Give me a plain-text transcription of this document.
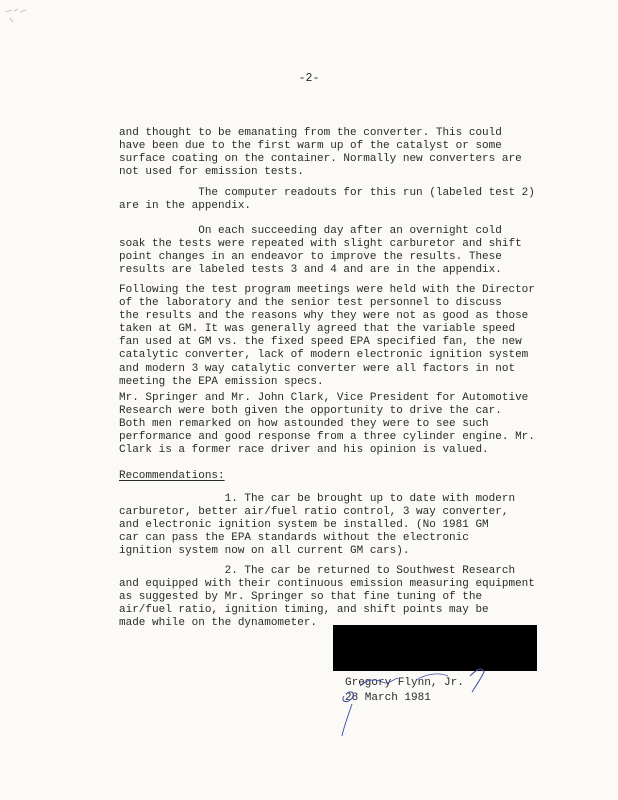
-2-
and thought to be emanating from the converter. This could
have been due to the first warm up of the catalyst or some
surface coating on the container. Normally new converters are
not used for emission tests.
The computer readouts for this run (labeled test 2)
are in the appendix.
On each succeeding day after an overnight cold
soak the tests were repeated with slight carburetor and shift
point changes in an endeavor to improve the results. These
results are labeled tests 3 and 4 and are in the appendix.
Following the test program meetings were held with the Director
of the laboratory and the senior test personnel to discuss
the results and the reasons why they were not as good as those
taken at GM. It was generally agreed that the variable speed
fan used at GM vs. the fixed speed EPA specified fan, the new
catalytic converter, lack of modern electronic ignition system
and modern 3 way catalytic converter were all factors in not
meeting the EPA emission specs.
Mr. Springer and Mr. John Clark, Vice President for Automotive
Research were both given the opportunity to drive the car.
Both men remarked on how astounded they were to see such
performance and good response from a three cylinder engine. Mr.
Clark is a former race driver and his opinion is valued.
Recommendations:
1. The car be brought up to date with modern
carburetor, better air/fuel ratio control, 3 way converter,
and electronic ignition system be installed. (No 1981 GM
car can pass the EPA standards without the electronic
ignition system now on all current GM cars).
2. The car be returned to Southwest Research
and equipped with their continuous emission measuring equipment
as suggested by Mr. Springer so that fine tuning of the
air/fuel ratio, ignition timing, and shift points may be
made while on the dynamometer.
Gregory Flynn, Jr.
28 March 1981
